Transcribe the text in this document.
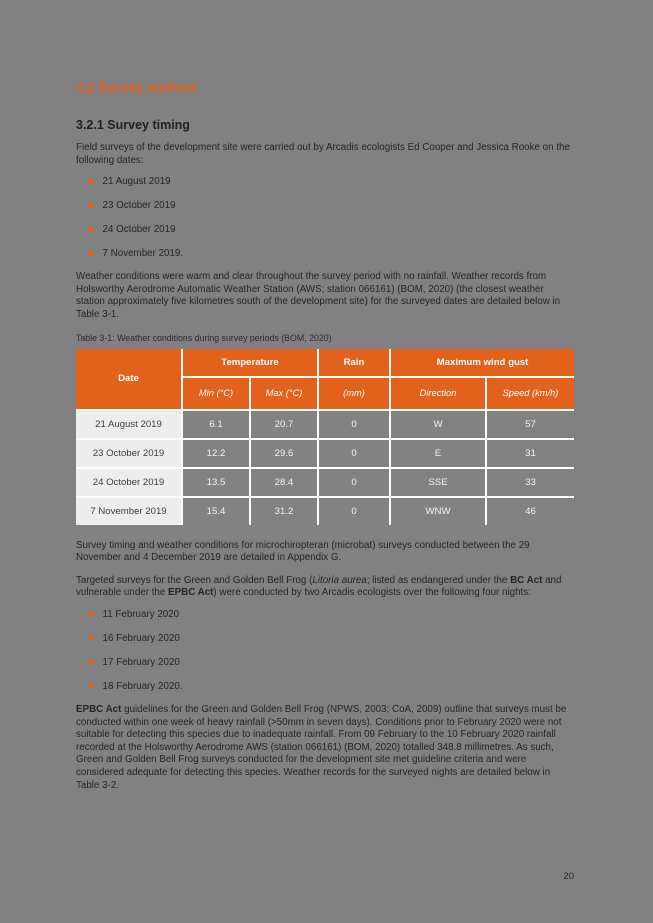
3.2 Survey method
3.2.1 Survey timing

Field surveys of the development site were carried out by Arcadis ecologists Ed Cooper and Jessica Rooke on the following dates:

21 August 2019
23 October 2019
24 October 2019
7 November 2019.

Weather conditions were warm and clear throughout the survey period with no rainfall. Weather records from Holsworthy Aerodrome Automatic Weather Station (AWS; station 066161) (BOM, 2020) (the closest weather station approximately five kilometres south of the development site) for the surveyed dates are detailed below in Table 3-1.

Table 3-1: Weather conditions during survey periods (BOM, 2020)
Date
Temperature	Rain	Maximum wind gust
Min (°C)	Max (°C)	(mm)	Direction	Speed (km/h)
21 August 2019	6.1	20.7	0	W	57
23 October 2019	12.2	29.6	0	E	31
24 October 2019	13.5	28.4	0	SSE	33
7 November 2019	15.4	31.2	0	WNW	46

Survey timing and weather conditions for microchiropteran (microbat) surveys conducted between the 29 November and 4 December 2019 are detailed in Appendix G.

Targeted surveys for the Green and Golden Bell Frog (Litoria aurea; listed as endangered under the BC Act and vulnerable under the EPBC Act) were conducted by two Arcadis ecologists over the following four nights:

11 February 2020
16 February 2020
17 February 2020
18 February 2020.

EPBC Act guidelines for the Green and Golden Bell Frog (NPWS, 2003; CoA, 2009) outline that surveys must be conducted within one week of heavy rainfall (>50mm in seven days). Conditions prior to February 2020 were not suitable for detecting this species due to inadequate rainfall. From 09 February to the 10 February 2020 rainfall recorded at the Holsworthy Aerodrome AWS (station 066161) (BOM, 2020) totalled 348.8 millimetres. As such, Green and Golden Bell Frog surveys conducted for the development site met guideline criteria and were considered adequate for detecting this species. Weather records for the surveyed nights are detailed below in Table 3-2.

20
